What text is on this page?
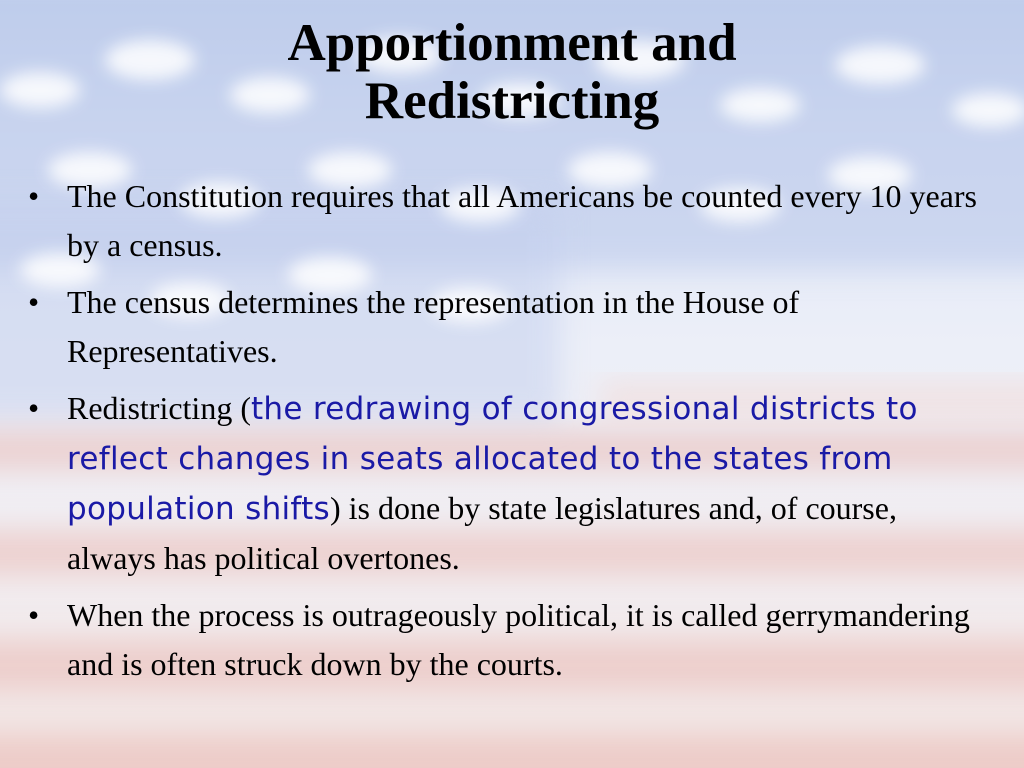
Apportionment and
Redistricting
• The Constitution requires that all Americans be counted every 10 years by a census.
• The census determines the representation in the House of Representatives.
• Redistricting (the redrawing of congressional districts to reflect changes in seats allocated to the states from population shifts) is done by state legislatures and, of course, always has political overtones.
• When the process is outrageously political, it is called gerrymandering and is often struck down by the courts.
